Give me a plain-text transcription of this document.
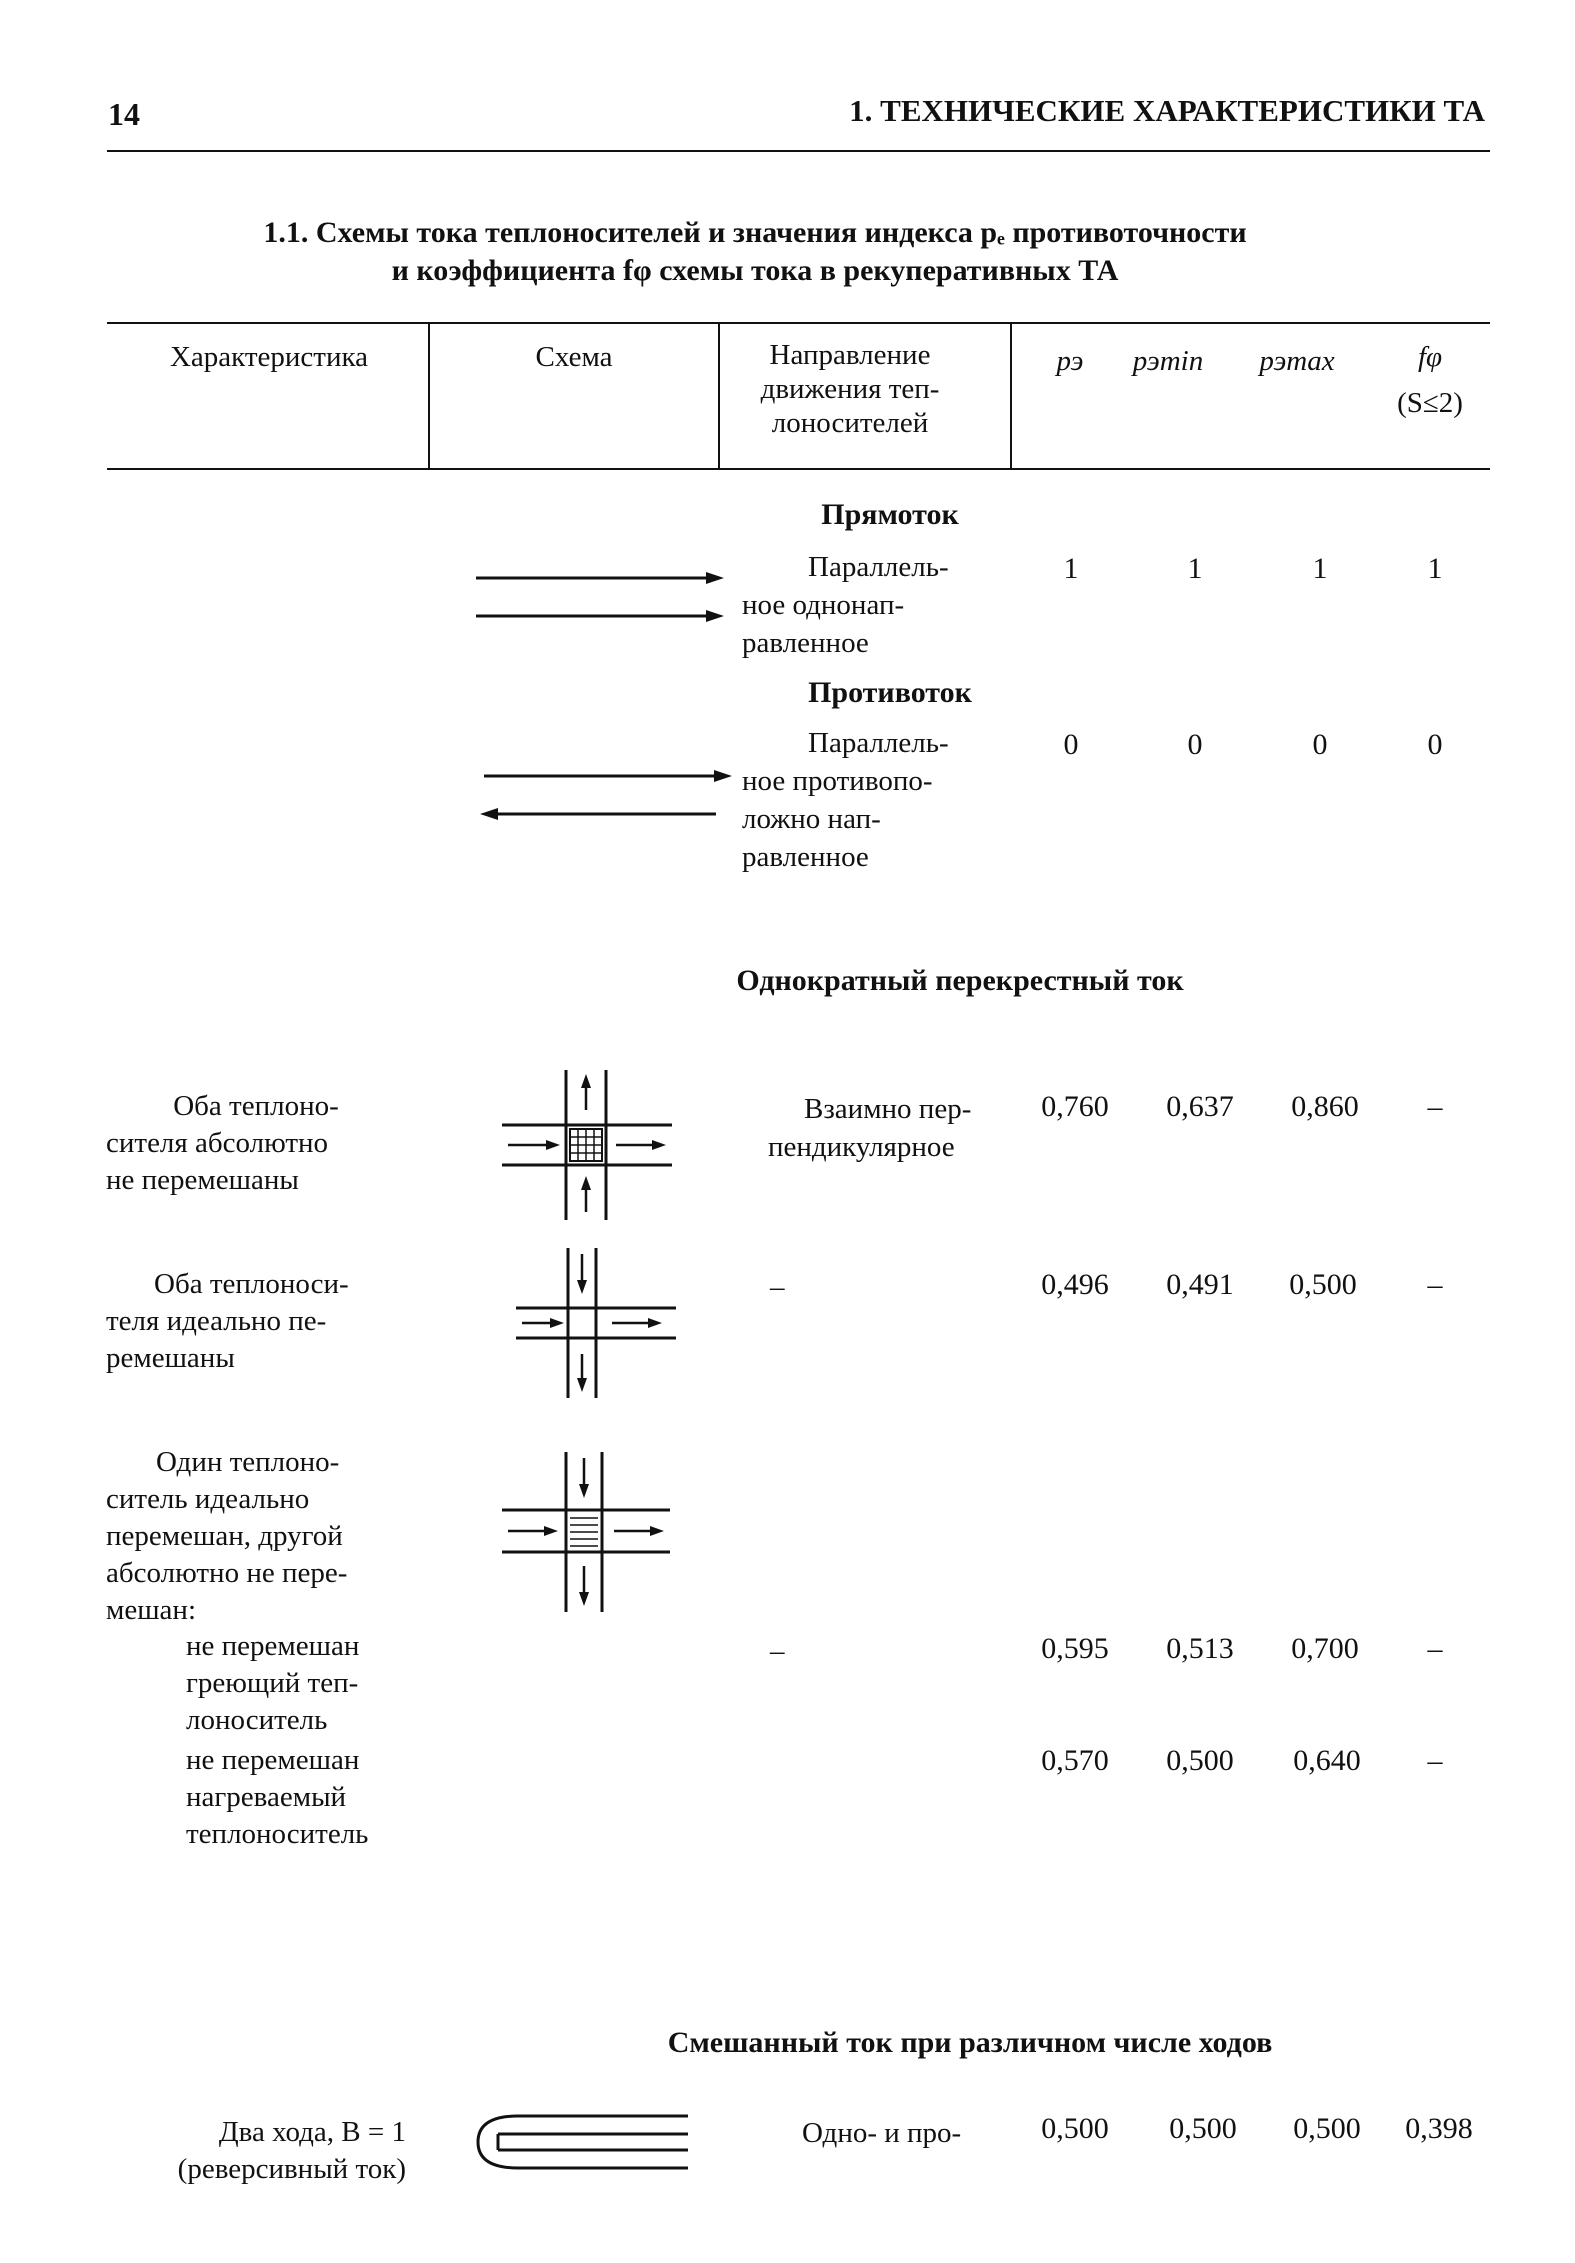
14	1. ТЕХНИЧЕСКИЕ ХАРАКТЕРИСТИКИ ТА
1.1. Схемы тока теплоносителей и значения индекса рₑ противоточности
и коэффициента fφ схемы тока в рекуперативных ТА
Характеристика	Схема	Направление движения теп- лоносителей
рэ	рэmin	рэmax	fφ
(S≤2)
Прямоток
Параллель-
ное однонап-
равленное
1	1	1	1
Противоток
Параллель-
ное противопо-
ложно нап-
равленное
0	0	0	0
Однократный перекрестный ток
Оба теплоно-
сителя абсолютно
не перемешаны
Взаимно пер-
пендикулярное
0,760	0,637	0,860	–
Оба теплоноси-
теля идеально пе-
ремешаны
–	0,496	0,491	0,500	–
Один теплоно-
ситель идеально
перемешан, другой
абсолютно не пере-
мешан:
не перемешан
греющий теп-
лоноситель
–	0,595	0,513	0,700	–
не перемешан
нагреваемый
теплоноситель
0,570	0,500	0,640	–
Смешанный ток при различном числе ходов
Два хода, В = 1
(реверсивный ток)
Одно- и про-	0,500	0,500	0,500	0,398
